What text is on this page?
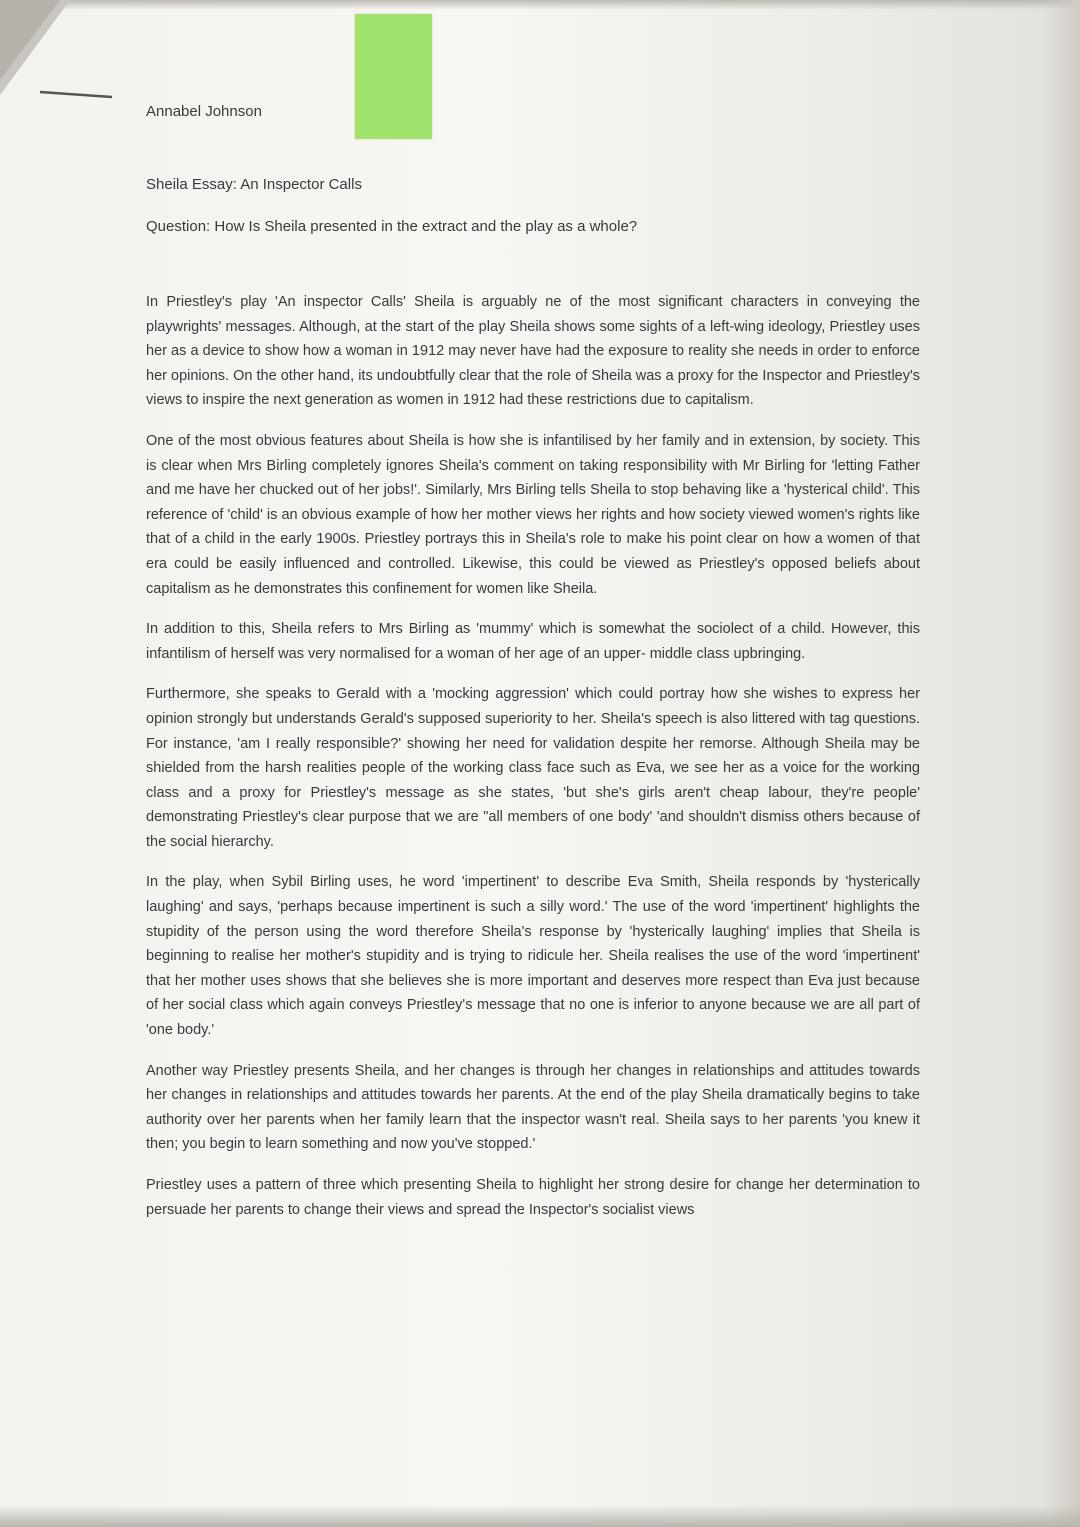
Annabel Johnson
Sheila Essay: An Inspector Calls
Question: How Is Sheila presented in the extract and the play as a whole?

In Priestley's play 'An inspector Calls' Sheila is arguably ne of the most significant characters in conveying the playwrights' messages. Although, at the start of the play Sheila shows some sights of a left-wing ideology, Priestley uses her as a device to show how a woman in 1912 may never have had the exposure to reality she needs in order to enforce her opinions. On the other hand, its undoubtfully clear that the role of Sheila was a proxy for the Inspector and Priestley's views to inspire the next generation as women in 1912 had these restrictions due to capitalism.

One of the most obvious features about Sheila is how she is infantilised by her family and in extension, by society. This is clear when Mrs Birling completely ignores Sheila's comment on taking responsibility with Mr Birling for 'letting Father and me have her chucked out of her jobs!'. Similarly, Mrs Birling tells Sheila to stop behaving like a 'hysterical child'. This reference of 'child' is an obvious example of how her mother views her rights and how society viewed women's rights like that of a child in the early 1900s. Priestley portrays this in Sheila's role to make his point clear on how a women of that era could be easily influenced and controlled. Likewise, this could be viewed as Priestley's opposed beliefs about capitalism as he demonstrates this confinement for women like Sheila.

In addition to this, Sheila refers to Mrs Birling as 'mummy' which is somewhat the sociolect of a child. However, this infantilism of herself was very normalised for a woman of her age of an upper- middle class upbringing.

Furthermore, she speaks to Gerald with a 'mocking aggression' which could portray how she wishes to express her opinion strongly but understands Gerald's supposed superiority to her. Sheila's speech is also littered with tag questions. For instance, 'am I really responsible?' showing her need for validation despite her remorse. Although Sheila may be shielded from the harsh realities people of the working class face such as Eva, we see her as a voice for the working class and a proxy for Priestley's message as she states, 'but she's girls aren't cheap labour, they're people' demonstrating Priestley's clear purpose that we are "all members of one body' 'and shouldn't dismiss others because of the social hierarchy.

In the play, when Sybil Birling uses, he word 'impertinent' to describe Eva Smith, Sheila responds by 'hysterically laughing' and says, 'perhaps because impertinent is such a silly word.' The use of the word 'impertinent' highlights the stupidity of the person using the word therefore Sheila's response by 'hysterically laughing' implies that Sheila is beginning to realise her mother's stupidity and is trying to ridicule her. Sheila realises the use of the word 'impertinent' that her mother uses shows that she believes she is more important and deserves more respect than Eva just because of her social class which again conveys Priestley's message that no one is inferior to anyone because we are all part of 'one body.'

Another way Priestley presents Sheila, and her changes is through her changes in relationships and attitudes towards her changes in relationships and attitudes towards her parents. At the end of the play Sheila dramatically begins to take authority over her parents when her family learn that the inspector wasn't real. Sheila says to her parents 'you knew it then; you begin to learn something and now you've stopped.'

Priestley uses a pattern of three which presenting Sheila to highlight her strong desire for change her determination to persuade her parents to change their views and spread the Inspector's socialist views
